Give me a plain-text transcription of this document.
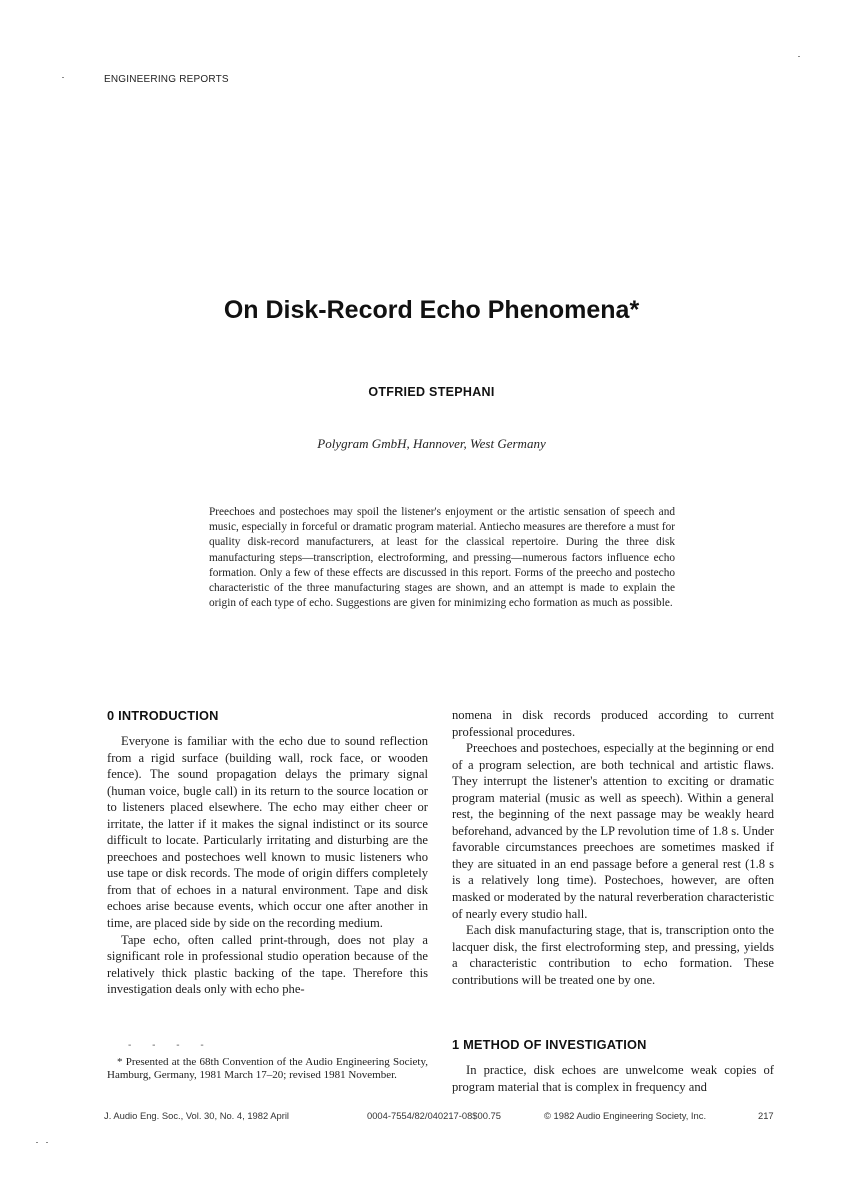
ENGINEERING REPORTS
On Disk-Record Echo Phenomena*
OTFRIED STEPHANI
Polygram GmbH, Hannover, West Germany

Preechoes and postechoes may spoil the listener's enjoyment or the artistic sensation of speech and music, especially in forceful or dramatic program material. Antiecho measures are therefore a must for quality disk-record manufacturers, at least for the classical repertoire. During the three disk manufacturing steps—transcription, electroforming, and pressing—numerous factors influence echo formation. Only a few of these effects are discussed in this report. Forms of the preecho and postecho characteristic of the three manufacturing stages are shown, and an attempt is made to explain the origin of each type of echo. Suggestions are given for minimizing echo formation as much as possible.

0 INTRODUCTION

Everyone is familiar with the echo due to sound reflection from a rigid surface (building wall, rock face, or wooden fence). The sound propagation delays the primary signal (human voice, bugle call) in its return to the source location or to listeners placed elsewhere. The echo may either cheer or irritate, the latter if it makes the signal indistinct or its source difficult to locate. Particularly irritating and disturbing are the preechoes and postechoes well known to music listeners who use tape or disk records. The mode of origin differs completely from that of echoes in a natural environment. Tape and disk echoes arise because events, which occur one after another in time, are placed side by side on the recording medium.

Tape echo, often called print-through, does not play a significant role in professional studio operation because of the relatively thick plastic backing of the tape. Therefore this investigation deals only with echo phe-

- - - -
* Presented at the 68th Convention of the Audio Engineering Society, Hamburg, Germany, 1981 March 17–20; revised 1981 November.

nomena in disk records produced according to current professional procedures.

Preechoes and postechoes, especially at the beginning or end of a program selection, are both technical and artistic flaws. They interrupt the listener's attention to exciting or dramatic program material (music as well as speech). Within a general rest, the beginning of the next passage may be weakly heard beforehand, advanced by the LP revolution time of 1.8 s. Under favorable circumstances preechoes are sometimes masked if they are situated in an end passage before a general rest (1.8 s is a relatively long time). Postechoes, however, are often masked or moderated by the natural reverberation characteristic of nearly every studio hall.

Each disk manufacturing stage, that is, transcription onto the lacquer disk, the first electroforming step, and pressing, yields a characteristic contribution to echo formation. These contributions will be treated one by one.

1 METHOD OF INVESTIGATION

In practice, disk echoes are unwelcome weak copies of program material that is complex in frequency and

J. Audio Eng. Soc., Vol. 30, No. 4, 1982 April	0004-7554/82/040217-08$00.75	© 1982 Audio Engineering Society, Inc.	217
